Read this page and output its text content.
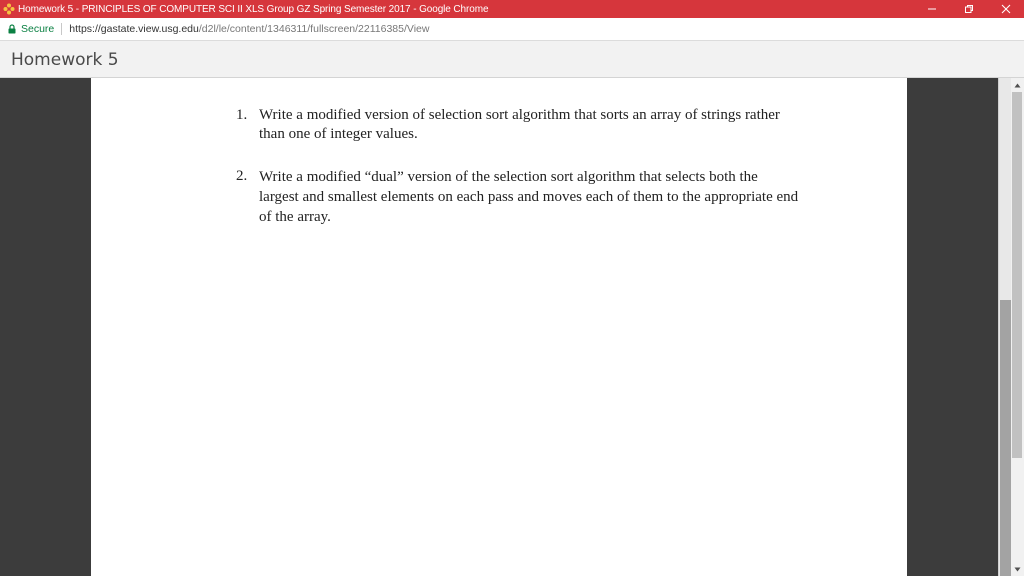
Homework 5 - PRINCIPLES OF COMPUTER SCI II XLS Group GZ Spring Semester 2017 - Google Chrome
Secure https://gastate.view.usg.edu/d2l/le/content/1346311/fullscreen/22116385/View
Homework 5
1. Write a modified version of selection sort algorithm that sorts an array of strings rather than one of integer values.
2. Write a modified “dual” version of the selection sort algorithm that selects both the largest and smallest elements on each pass and moves each of them to the appropriate end of the array.
